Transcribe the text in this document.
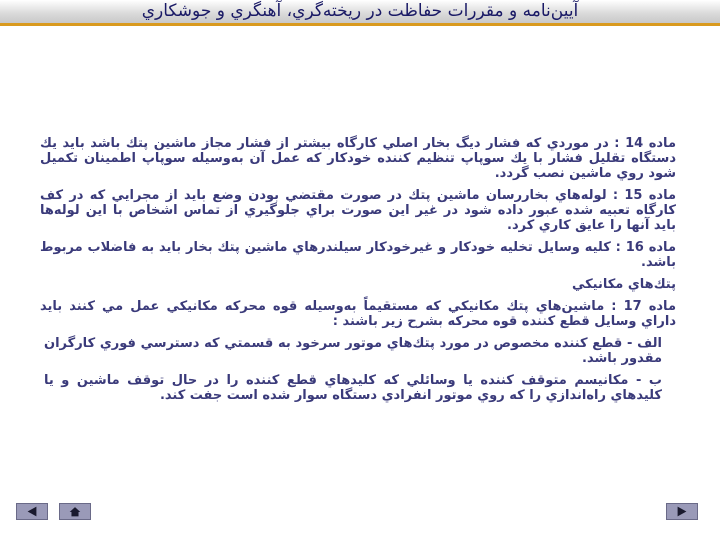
آيين‌نامه و مقررات حفاظت در ريخته‌گري، آهنگري و جوشكاري

ماده 14 : در موردي كه فشار ديگ بخار اصلي كارگاه بيشتر از فشار مجاز ماشين پتك باشد بايد يك دستگاه تقليل فشار با يك سوپاپ تنظيم كننده خودكار كه عمل آن به‌وسيله سوپاپ اطمينان تكميل شود روي ماشين نصب گردد.

ماده 15 : لوله‌هاي بخاررسان ماشين پتك در صورت مقتضي بودن وضع بايد از مجرايي كه در كف كارگاه تعبيه شده عبور داده شود در غير اين صورت براي جلوگيري از تماس اشخاص با اين لوله‌ها بايد آنها را عايق كاري كرد.

ماده 16 : كليه وسايل تخليه خودكار و غيرخودكار سيلندرهاي ماشين پتك بخار بايد به فاضلاب مربوط باشد.

پتك‌هاي مكانيكي

ماده 17 : ماشين‌هاي پتك مكانيكي كه مستقيماً به‌وسيله قوه محركه مكانيكي عمل مي كنند بايد داراي وسايل قطع كننده قوه محركه بشرح زير باشند :

الف - قطع كننده مخصوص در مورد پتك‌هاي موتور سرخود به قسمتي كه دسترسي فوري كارگران مقدور باشد.

ب - مكانيسم متوقف كننده يا وسائلي كه كليدهاي قطع كننده را در حال توقف ماشين و يا كليدهاي راه‌اندازي را كه روي موتور انفرادي دستگاه سوار شده است جفت كند.
